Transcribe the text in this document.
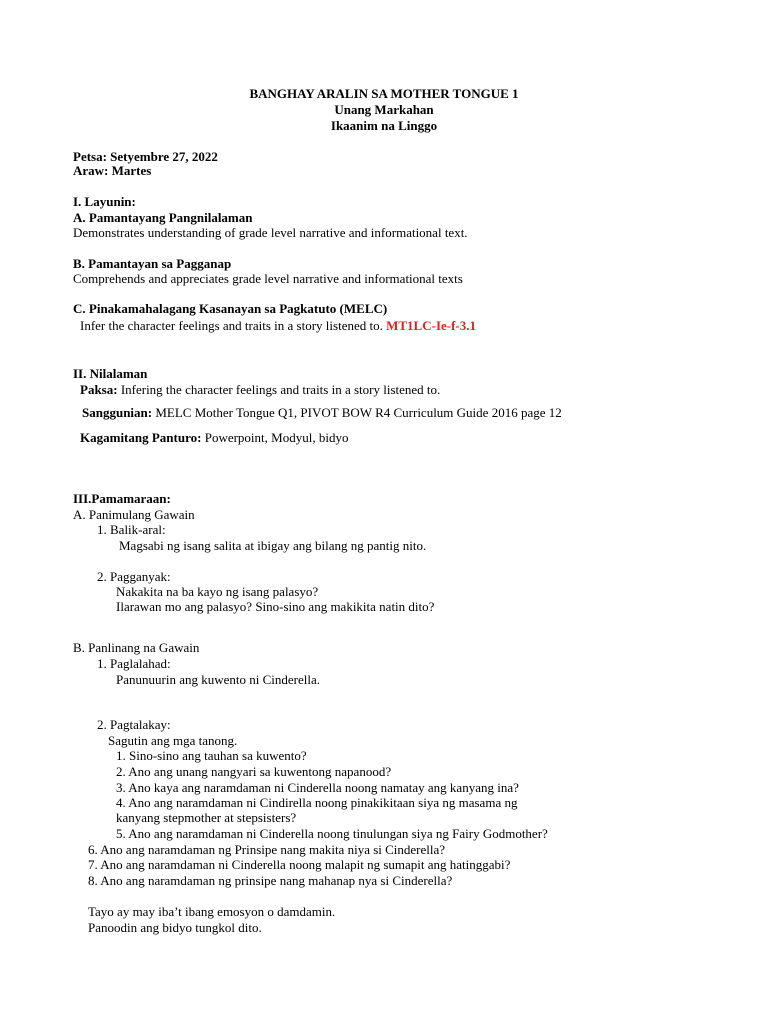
BANGHAY ARALIN SA MOTHER TONGUE 1
Unang Markahan
Ikaanim na Linggo
Petsa: Setyembre 27, 2022
Araw: Martes
I. Layunin:
A. Pamantayang Pangnilalaman
Demonstrates understanding of grade level narrative and informational text.
B. Pamantayan sa Pagganap
Comprehends and appreciates grade level narrative and informational texts
C. Pinakamahalagang Kasanayan sa Pagkatuto (MELC)
Infer the character feelings and traits in a story listened to. MT1LC-Ie-f-3.1
II. Nilalaman
Paksa: Infering the character feelings and traits in a story listened to.
Sanggunian: MELC Mother Tongue Q1, PIVOT BOW R4 Curriculum Guide 2016 page 12
Kagamitang Panturo: Powerpoint, Modyul, bidyo
III.Pamamaraan:
A. Panimulang Gawain
1. Balik-aral:
Magsabi ng isang salita at ibigay ang bilang ng pantig nito.
2. Pagganyak:
Nakakita na ba kayo ng isang palasyo?
Ilarawan mo ang palasyo? Sino-sino ang makikita natin dito?
B. Panlinang na Gawain
1. Paglalahad:
Panunuurin ang kuwento ni Cinderella.
2. Pagtalakay:
Sagutin ang mga tanong.
1. Sino-sino ang tauhan sa kuwento?
2. Ano ang unang nangyari sa kuwentong napanood?
3. Ano kaya ang naramdaman ni Cinderella noong namatay ang kanyang ina?
4. Ano ang naramdaman ni Cindirella noong pinakikitaan siya ng masama ng
kanyang stepmother at stepsisters?
5. Ano ang naramdaman ni Cinderella noong tinulungan siya ng Fairy Godmother?
6. Ano ang naramdaman ng Prinsipe nang makita niya si Cinderella?
7. Ano ang naramdaman ni Cinderella noong malapit ng sumapit ang hatinggabi?
8. Ano ang naramdaman ng prinsipe nang mahanap nya si Cinderella?
Tayo ay may iba’t ibang emosyon o damdamin.
Panoodin ang bidyo tungkol dito.
